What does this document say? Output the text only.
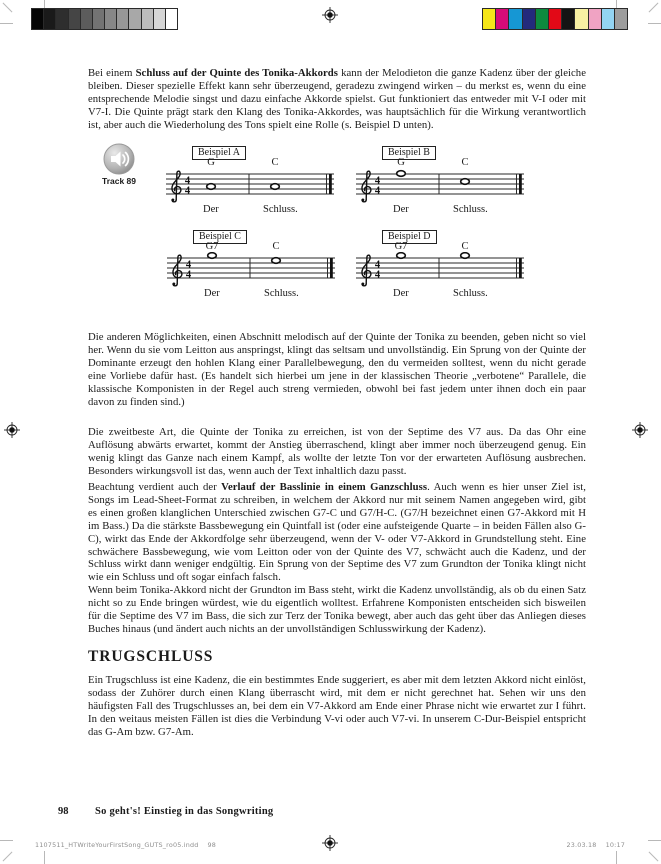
Bei einem Schluss auf der Quinte des Tonika-Akkords kann der Melodieton die ganze Kadenz über der gleiche bleiben. Dieser spezielle Effekt kann sehr überzeugend, geradezu zwingend wirken – du merkst es, wenn du eine entsprechende Melodie singst und dazu einfache Akkorde spielst. Gut funktioniert das entweder mit V-I oder mit V7-I. Die Quinte prägt stark den Klang des Tonika-Akkordes, was hauptsächlich für die Wirkung verantwortlich ist, aber auch die Wiederholung des Tons spielt eine Rolle (s. Beispiel D unten).

Track 89
Beispiel A
G	C
4
4
Der	Schluss.
Beispiel B
G	C
4
4
Der	Schluss.
Beispiel C
G7	C
4
4
Der	Schluss.
Beispiel D
G7	C
4
4
Der	Schluss.

Die anderen Möglichkeiten, einen Abschnitt melodisch auf der Quinte der Tonika zu beenden, geben nicht so viel her. Wenn du sie vom Leitton aus anspringst, klingt das seltsam und unvollständig. Ein Sprung von der Quinte der Dominante erzeugt den hohlen Klang einer Parallelbewegung, den du vermeiden solltest, wenn du nicht gerade eine Vorliebe dafür hast. (Es handelt sich hierbei um jene in der klassischen Theorie „verbotene“ Parallele, die klassische Komponisten in der Regel auch streng vermieden, obwohl bei fast jedem unter ihnen doch ein paar davon zu finden sind.)

Die zweitbeste Art, die Quinte der Tonika zu erreichen, ist von der Septime des V7 aus. Da das Ohr eine Auflösung abwärts erwartet, kommt der Anstieg überraschend, klingt aber immer noch überzeugend genug. Ein wenig klingt das Ganze nach einem Kampf, als wollte der letzte Ton vor der erwarteten Auflösung ausbrechen. Besonders wirkungsvoll ist das, wenn auch der Text inhaltlich dazu passt.

Beachtung verdient auch der Verlauf der Basslinie in einem Ganzschluss. Auch wenn es hier unser Ziel ist, Songs im Lead-Sheet-Format zu schreiben, in welchem der Akkord nur mit seinem Namen angegeben wird, gibt es einen großen klanglichen Unterschied zwischen G7-C und G7/H-C. (G7/H bezeichnet einen G7-Akkord mit H im Bass.) Da die stärkste Bassbewegung ein Quintfall ist (oder eine aufsteigende Quarte – in beiden Fällen also G-C), wirkt das Ende der Akkordfolge sehr überzeugend, wenn der V- oder V7-Akkord in Grundstellung steht. Eine schwächere Bassbewegung, wie vom Leitton oder von der Quinte des V7, schwächt auch die Kadenz, und der Schluss wirkt dann weniger endgültig. Ein Sprung von der Septime des V7 zum Grundton der Tonika klingt nicht wie ein Schluss und oft sogar einfach falsch.

Wenn beim Tonika-Akkord nicht der Grundton im Bass steht, wirkt die Kadenz unvollständig, als ob du einen Satz nicht so zu Ende bringen würdest, wie du eigentlich wolltest. Erfahrene Komponisten entscheiden sich bisweilen für die Septime des V7 im Bass, die sich zur Terz der Tonika bewegt, aber auch das geht über das Anliegen dieses Buches hinaus (und ändert auch nichts an der unvollständigen Schlusswirkung der Kadenz).

TRUGSCHLUSS

Ein Trugschluss ist eine Kadenz, die ein bestimmtes Ende suggeriert, es aber mit dem letzten Akkord nicht einlöst, sodass der Zuhörer durch einen Klang überrascht wird, mit dem er nicht gerechnet hat. Sehen wir uns den häufigsten Fall des Trugschlusses an, bei dem ein V7-Akkord am Ende einer Phrase nicht wie erwartet zur I führt. In den weitaus meisten Fällen ist dies die Verbindung V-vi oder auch V7-vi. In unserem C-Dur-Beispiel entspricht das G-Am bzw. G7-Am.

98	So geht's! Einstieg in das Songwriting
1107511_HTWriteYourFirstSong_GUTS_ro05.indd 98	23.03.18 10:17
